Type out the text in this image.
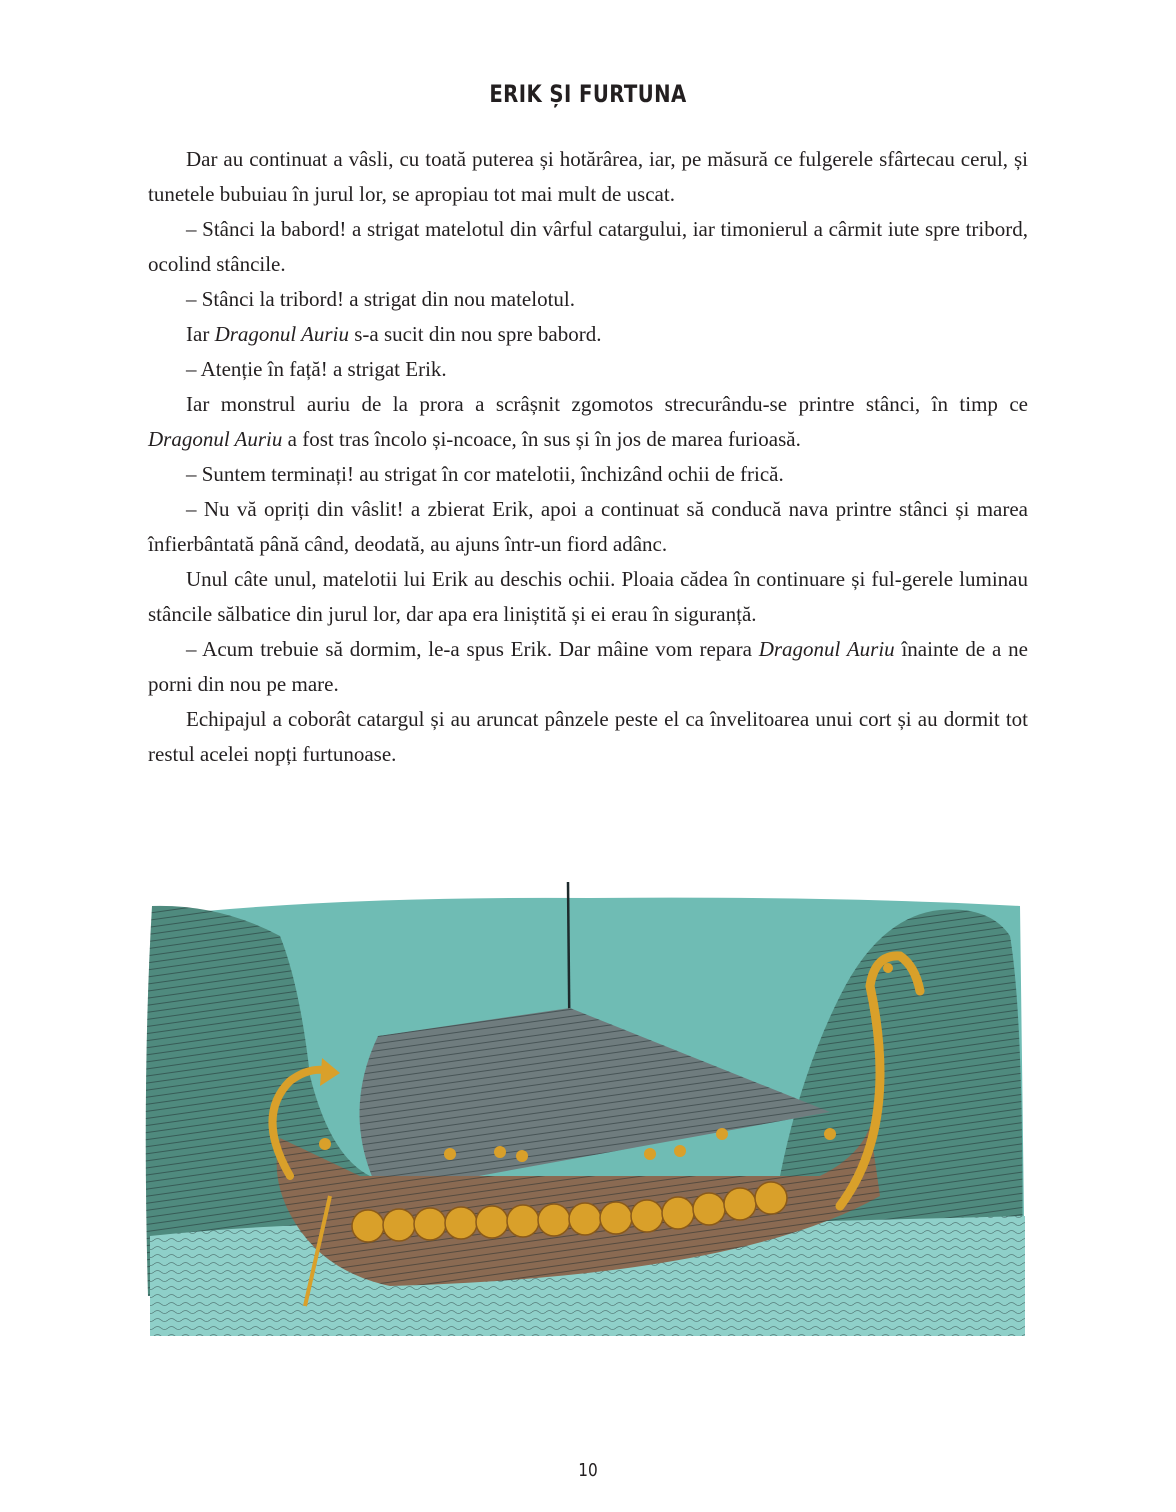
ERIK ȘI FURTUNA

Dar au continuat a vâsli, cu toată puterea și hotărârea, iar, pe măsură ce fulgerele sfârtecau cerul, și tunetele bubuiau în jurul lor, se apropiau tot mai mult de uscat.

– Stânci la babord! a strigat matelotul din vârful catargului, iar timonierul a cârmit iute spre tribord, ocolind stâncile.

– Stânci la tribord! a strigat din nou matelotul.

Iar Dragonul Auriu s-a sucit din nou spre babord.

– Atenție în față! a strigat Erik.

Iar monstrul auriu de la prora a scrâșnit zgomotos strecurându-se printre stânci, în timp ce Dragonul Auriu a fost tras încolo și-ncoace, în sus și în jos de marea furioasă.

– Suntem terminați! au strigat în cor matelotii, închizând ochii de frică.

– Nu vă opriți din vâslit! a zbierat Erik, apoi a continuat să conducă nava printre stânci și marea înfierbântată până când, deodată, au ajuns într-un fiord adânc.

Unul câte unul, matelotii lui Erik au deschis ochii. Ploaia cădea în continuare și ful-gerele luminau stâncile sălbatice din jurul lor, dar apa era liniștită și ei erau în siguranță.

– Acum trebuie să dormim, le-a spus Erik. Dar mâine vom repara Dragonul Auriu înainte de a ne porni din nou pe mare.

Echipajul a coborât catargul și au aruncat pânzele peste el ca învelitoarea unui cort și au dormit tot restul acelei nopți furtunoase.

10
